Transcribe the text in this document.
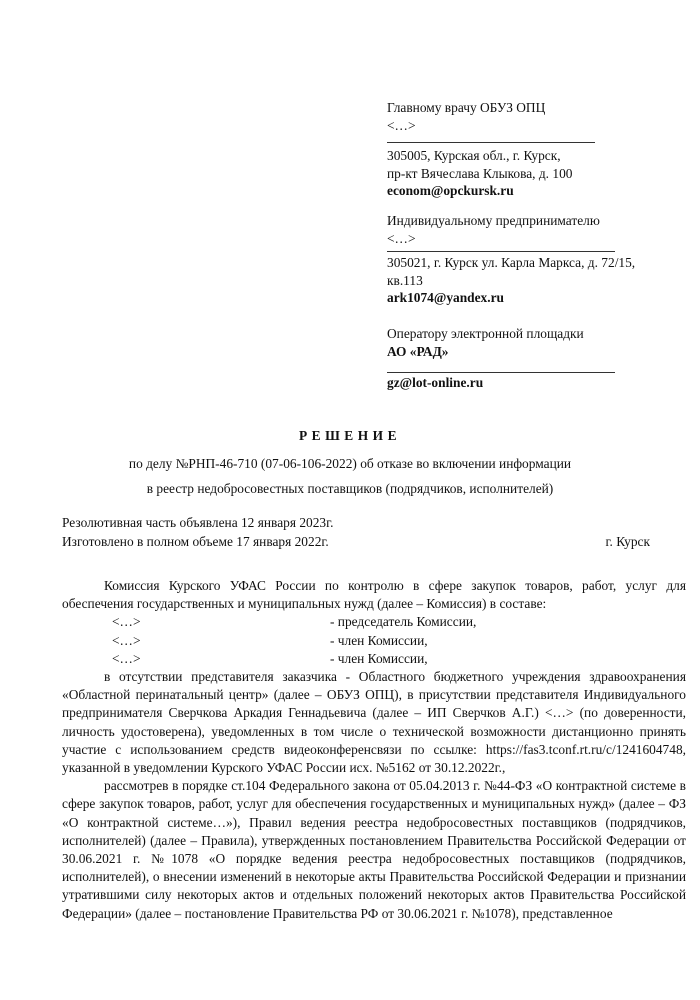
Главному врачу ОБУЗ ОПЦ
<…>
305005, Курская обл., г. Курск,
пр-кт Вячеслава Клыкова, д. 100
econom@opckursk.ru
Индивидуальному предпринимателю
<…>
305021, г. Курск ул. Карла Маркса, д. 72/15,
кв.113
ark1074@yandex.ru
Оператору электронной площадки
АО «РАД»
gz@lot-online.ru
РЕШЕНИЕ
по делу №РНП-46-710 (07-06-106-2022) об отказе во включении информации
в реестр недобросовестных поставщиков (подрядчиков, исполнителей)
Резолютивная часть объявлена 12 января 2023г.
Изготовлено в полном объеме 17 января 2022г.	г. Курск

Комиссия Курского УФАС России по контролю в сфере закупок товаров, работ, услуг для обеспечения государственных и муниципальных нужд (далее – Комиссия) в составе:

<…>	- председатель Комиссии,
<…>	- член Комиссии,
<…>	- член Комиссии,

в отсутствии представителя заказчика - Областного бюджетного учреждения здравоохранения «Областной перинатальный центр» (далее – ОБУЗ ОПЦ), в присутствии представителя Индивидуального предпринимателя Сверчкова Аркадия Геннадьевича (далее – ИП Сверчков А.Г.) <…> (по доверенности, личность удостоверена), уведомленных в том числе о технической возможности дистанционно принять участие с использованием средств видеоконференсвязи по ссылке: https://fas3.tconf.rt.ru/c/1241604748, указанной в уведомлении Курского УФАС России исх. №5162 от 30.12.2022г.,

рассмотрев в порядке ст.104 Федерального закона от 05.04.2013 г. №44-ФЗ «О контрактной системе в сфере закупок товаров, работ, услуг для обеспечения государственных и муниципальных нужд» (далее – ФЗ «О контрактной системе…»), Правил ведения реестра недобросовестных поставщиков (подрядчиков, исполнителей) (далее – Правила), утвержденных постановлением Правительства Российской Федерации от 30.06.2021 г. №1078 «О порядке ведения реестра недобросовестных поставщиков (подрядчиков, исполнителей), о внесении изменений в некоторые акты Правительства Российской Федерации и признании утратившими силу некоторых актов и отдельных положений некоторых актов Правительства Российской Федерации» (далее – постановление Правительства РФ от 30.06.2021 г. №1078), представленное
